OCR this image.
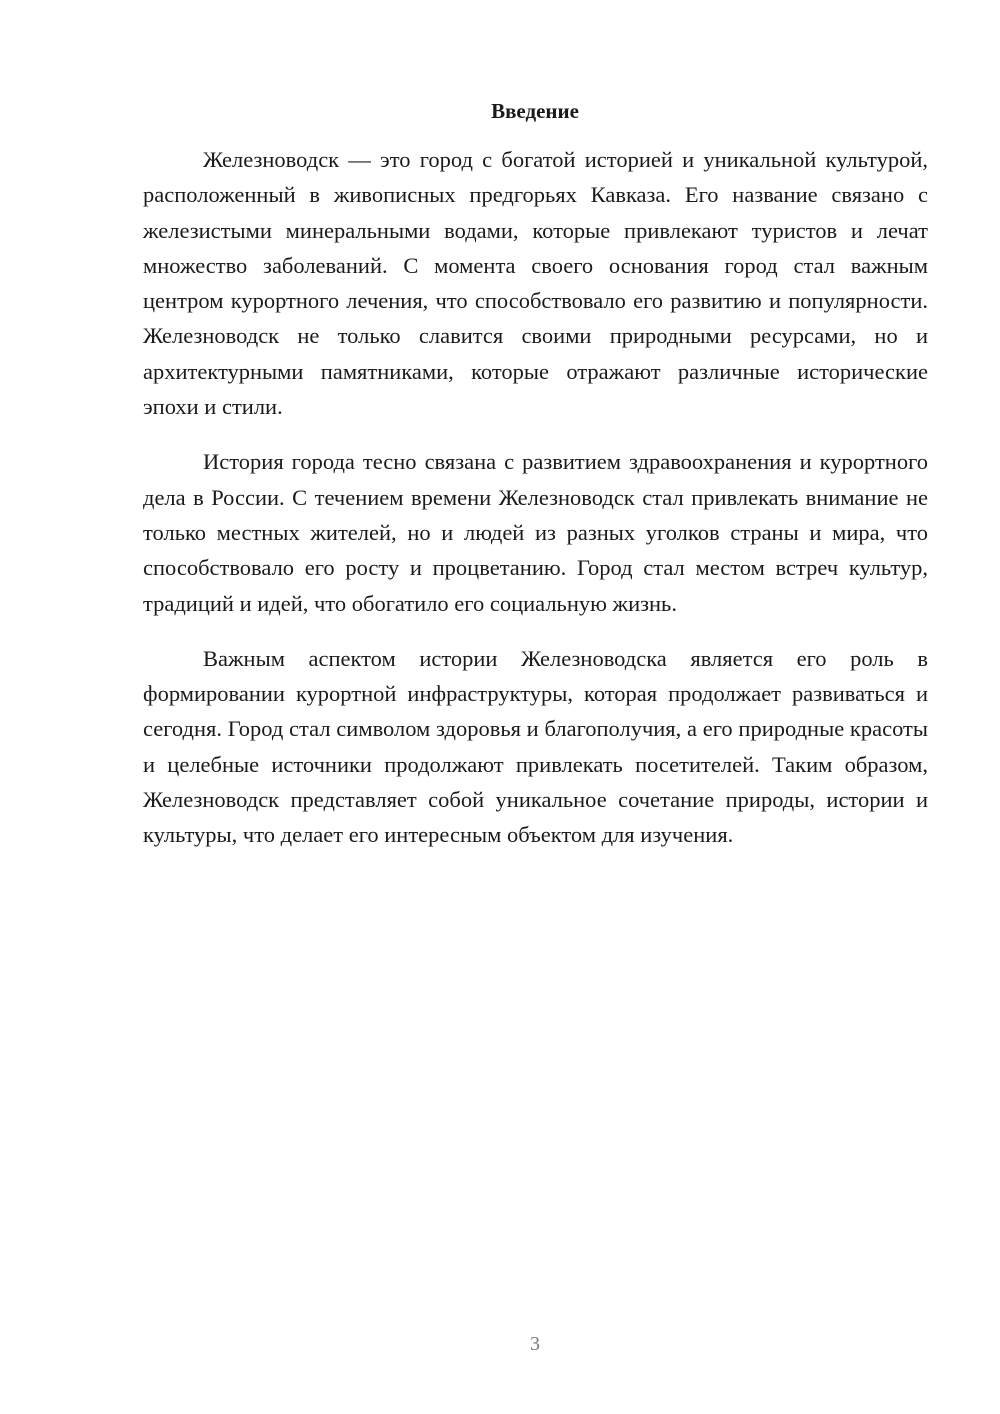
Введение

Железноводск — это город с богатой историей и уникальной культурой, расположенный в живописных предгорьях Кавказа. Его название связано с железистыми минеральными водами, которые привлекают туристов и лечат множество заболеваний. С момента своего основания город стал важным центром курортного лечения, что способствовало его развитию и популярности. Железноводск не только славится своими природными ресурсами, но и архитектурными памятниками, которые отражают различные исторические эпохи и стили.

История города тесно связана с развитием здравоохранения и курортного дела в России. С течением времени Железноводск стал привлекать внимание не только местных жителей, но и людей из разных уголков страны и мира, что способствовало его росту и процветанию. Город стал местом встреч культур, традиций и идей, что обогатило его социальную жизнь.

Важным аспектом истории Железноводска является его роль в формировании курортной инфраструктуры, которая продолжает развиваться и сегодня. Город стал символом здоровья и благополучия, а его природные красоты и целебные источники продолжают привлекать посетителей. Таким образом, Железноводск представляет собой уникальное сочетание природы, истории и культуры, что делает его интересным объектом для изучения.

3
